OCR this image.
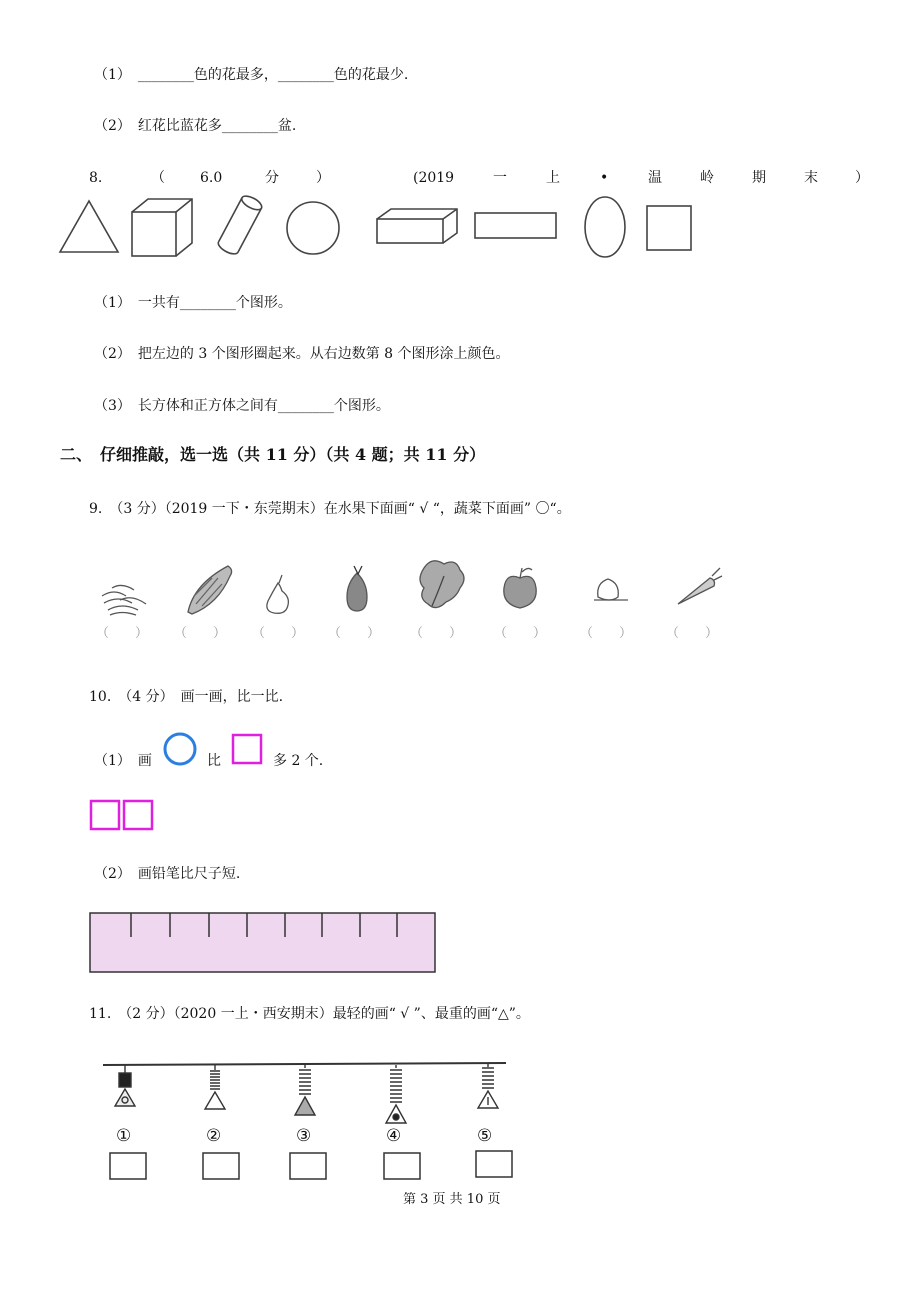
（1）　________色的花最多，________色的花最少.
（2）　红花比蓝花多________盆.
8.	（	6.0	分	）	(2019	一	上	•	温	岭	期	末	）
（1）　一共有________个图形。
（2）　把左边的 3 个图形圈起来。从右边数第 8 个图形涂上颜色。
（3）　长方体和正方体之间有________个图形。
二、　仔细推敲，选一选（共 11 分）（共 4 题；共 11 分）
9.　（3 分）（2019 一下・东莞期末）在水果下面画“ √ “，蔬菜下面画” 〇“。
（   ） （   ） （   ） （   ） （   ） （   ）	（   ）	（   ）
10.　（4 分）　画一画，比一比.
（1）　画	比	多 2 个.
（2）　画铅笔比尺子短.
11.　（2 分）（2020 一上・西安期末）最轻的画“ √ ”、最重的画“△”。
①	②	③	④	⑤
第 3 页 共 10 页
